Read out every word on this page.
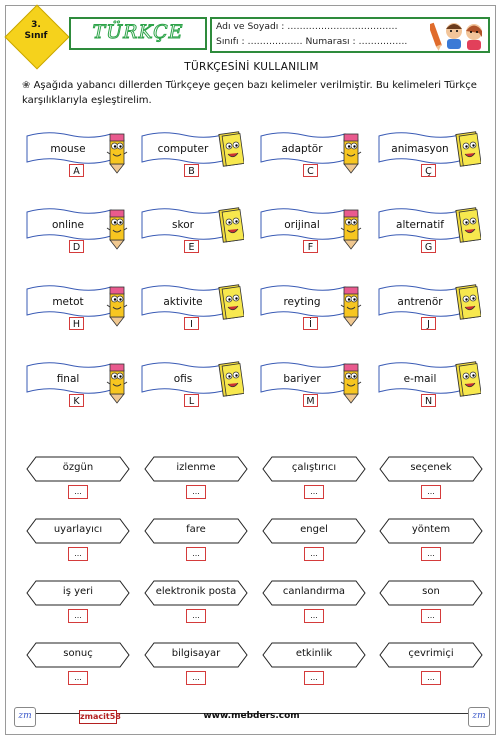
3.
Sınıf	TÜRKÇE	Adı ve Soyadı : ………………………………
Sınıfı : ……………… Numarası : …………….
TÜRKÇESİNİ KULLANILIM
❀ Aşağıda yabancı dillerden Türkçeye geçen bazı kelimeler verilmiştir. Bu kelimeleri Türkçe karşılıklarıyla eşleştirelim.
mouse
A
computer
B
adaptör
C
animasyon
Ç
online
D
skor
E
orijinal
F
alternatif
G
metot
H
aktivite
I
reyting
İ
antrenör
J
final
K
ofis
L
bariyer
M
e-mail
N
özgün
...
izlenme
...
çalıştırıcı
...
seçenek
...
uyarlayıcı
...
fare
...
engel
...
yöntem
...
iş yeri
...
elektronik posta
...
canlandırma
...
son
...
sonuç
...
bilgisayar
...
etkinlik
...
çevrimiçi
...
zm	zmacit58	www.mebders.com	zm
